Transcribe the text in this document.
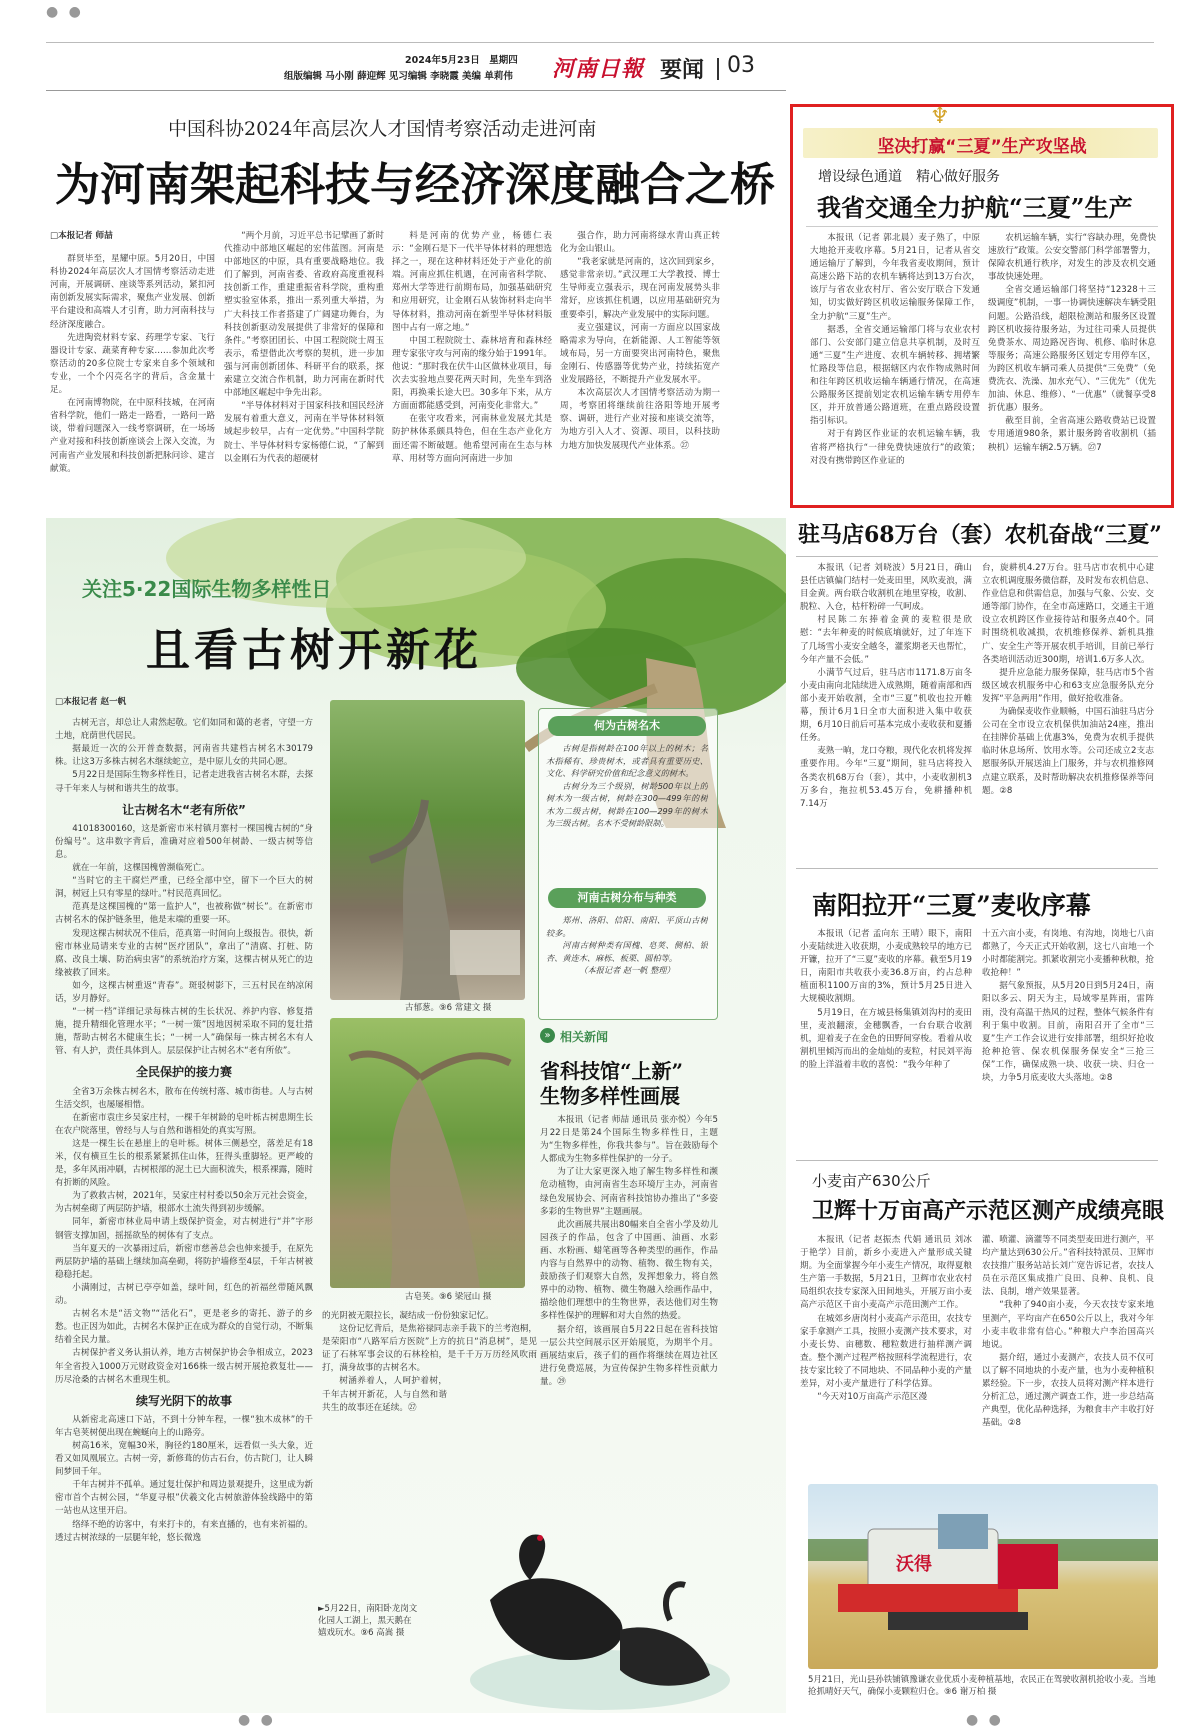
● ●
2024年5月23日　星期四
组版编辑 马小刚 薛迎辉 见习编辑 李晓霞 美编 单莉伟 河南日報 要闻 03
中国科协2024年高层次人才国情考察活动走进河南
为河南架起科技与经济深度融合之桥

□本报记者 师喆

群贤毕至，星耀中原。5月20日，中国科协2024年高层次人才国情考察活动走进河南，开展调研、座谈等系列活动，紧扣河南创新发展实际需求，聚焦产业发展、创新平台建设和高端人才引育，助力河南科技与经济深度融合。

先进陶瓷材料专家、药理学专家、飞行器设计专家、蔬菜育种专家……参加此次考察活动的20多位院士专家来自多个领域和专业，一个个闪亮名字的背后，含金量十足。

在河南博物院，在中原科技城，在河南省科学院，他们一路走一路看，一路问一路谈，带着问题深入一线考察调研，在一场场产业对接和科技创新座谈会上深入交流，为河南省产业发展和科技创新把脉问诊、建言献策。

“两个月前，习近平总书记擘画了新时代推动中部地区崛起的宏伟蓝图。河南是中部地区的中原，具有重要战略地位。我们了解到，河南省委、省政府高度重视科技创新工作，重建重振省科学院，重构重塑实验室体系，推出一系列重大举措，为广大科技工作者搭建了广阔建功舞台，为科技创新驱动发展提供了非常好的保障和条件。”考察团团长、中国工程院院士周玉表示，希望借此次考察的契机，进一步加强与河南创新团体、科研平台的联系，探索建立交流合作机制，助力河南在新时代中部地区崛起中争先出彩。

“半导体材料对于国家科技和国民经济发展有着重大意义，河南在半导体材料领域起步较早，占有一定优势。”中国科学院院士、半导体材料专家杨德仁说，“了解到以金刚石为代表的超硬材

料是河南的优势产业，杨德仁表示：“金刚石是下一代半导体材料的理想选择之一，现在这种材料还处于产业化的前端。河南应抓住机遇，在河南省科学院、郑州大学等进行前期布局，加强基础研究和应用研究，让金刚石从装饰材料走向半导体材料，推动河南在新型半导体材料版图中占有一席之地。”

中国工程院院士、森林培育和森林经理专家张守攻与河南的缘分始于1991年。他说：“那时我在伏牛山区做林业项目，每次去实验地点要花两天时间，先坐车到洛阳，再换乘长途大巴。30多年下来，从方方面面都能感受到，河南变化非常大。”

在张守攻看来，河南林业发展尤其是防护林体系颇具特色，但在生态产业化方面还需不断破题。他希望河南在生态与林草、用材等方面向河南进一步加

强合作，助力河南将绿水青山真正转化为金山银山。

“我老家就是河南的，这次回到家乡，感觉非常亲切。”武汉理工大学教授、博士生导师麦立强表示，现在河南发展势头非常好，应该抓住机遇，以应用基础研究为重要牵引，解决产业发展中的实际问题。

麦立强建议，河南一方面应以国家战略需求为导向，在新能源、人工智能等领域布局，另一方面要突出河南特色，聚焦金刚石、传感器等优势产业，持续拓宽产业发展路径，不断提升产业发展水平。

本次高层次人才国情考察活动为期一周，考察团将继续前往洛阳等地开展考察、调研，进行产业对接和座谈交流等，为地方引入人才、资源、项目，以科技助力地方加快发展现代产业体系。㉗

♆
坚决打赢“三夏”生产攻坚战
增设绿色通道　精心做好服务
我省交通全力护航“三夏”生产

本报讯（记者 郭北晨）麦子熟了，中原大地抢开麦收序幕。5月21日，记者从省交通运输厅了解到，今年我省麦收期间，预计高速公路下站的农机车辆将达到13万台次，该厅与省农业农村厅、省公安厅联合下发通知，切实做好跨区机收运输服务保障工作，全力护航“三夏”生产。

据悉，全省交通运输部门将与农业农村部门、公安部门建立信息共享机制，及时互通“三夏”生产进度、农机车辆转移、拥堵繁忙路段等信息，根据辖区内农作物成熟时间和往年跨区机收运输车辆通行情况，在高速公路服务区提前划定农机运输车辆专用停车区，并开放普通公路道班，在重点路段设置指引标识。

对于有跨区作业证的农机运输车辆，我省将严格执行“一律免费快速放行”的政策；对没有携带跨区作业证的

农机运输车辆，实行“容缺办理，免费快速放行”政策。公安交警部门科学部署警力，保障农机通行秩序，对发生的涉及农机交通事故快速处理。

全省交通运输部门将坚持“12328＋三级调度”机制，一事一协调快速解决车辆受阻问题。公路沿线，超限检测站和服务区设置跨区机收接待服务站，为过往司乘人员提供免费茶水、周边路况咨询、机修、临时休息等服务；高速公路服务区划定专用停车区，为跨区机收车辆司乘人员提供“三免费”（免费洗衣、洗澡、加水充气）、“三优先”（优先加油、休息、维修）、“一优惠”（就餐享受8折优惠）服务。

截至目前，全省高速公路收费站已设置专用通道980条，累计服务跨省收割机（插秧机）运输车辆2.5万辆。㉗7

关注5·22国际生物多样性日
且看古树开新花

□本报记者 赵一帆

古树无言，却总让人肃然起敬。它们如同和蔼的老者，守望一方土地，庇荫世代居民。

据最近一次的公开普查数据，河南省共建档古树名木30179株。让这3万多株古树名木继续蛇立，是中原儿女的共同心愿。

5月22日是国际生物多样性日，记者走进我省古树名木群，去探寻千年来人与树和谐共生的故事。

让古树名木“老有所依”

41018300160，这是新密市米村镇月寨村一棵国槐古树的“身份编号”。这串数字背后，准确对应着500年树龄、一级古树等信息。

就在一年前，这棵国槐曾濒临死亡。

“当时它的主干腐烂严重，已经全部中空，留下一个巨大的树洞，树冠上只有零星的绿叶。”村民范真回忆。

范真是这棵国槐的“第一监护人”，也被称做“树长”。在新密市古树名木的保护链条里，他是末端的重要一环。

发现这棵古树状况不佳后，范真第一时间向上级报告。很快，新密市林业局请来专业的古树“医疗团队”，拿出了“清腐、打桩、防腐、改良土壤、防治病虫害”的系统治疗方案，这棵古树从死亡的边缘被救了回来。

如今，这棵古树重返“青春”。斑驳树影下，三五村民在纳凉闲话，岁月静好。

“一树一档”详细记录每株古树的生长状况、养护内容、修复措施，提升精细化管理水平；“一树一策”因地因树采取不同的复壮措施，帮助古树名木健康生长；“一树一人”确保每一株古树名木有人管、有人护，责任具体到人。层层保护让古树名木“老有所依”。

全民保护的接力赛

全省3万余株古树名木，散布在传统村落、城市街巷。人与古树生活交织，也屡屡相惜。

在新密市袁庄乡吴家庄村，一棵千年树龄的皂叶栎古树患期生长在农户院落里，曾经与人与自然和谐相处的真实写照。

这是一棵生长在悬崖上的皂叶栎。树体三侧悬空，落差足有18米，仅有横亘生长的根系紧紧抓住山体，狂得头重脚轻。更严峻的是，多年风雨冲刷，古树根部的泥土已大面积流失，根系裸露，随时有折断的风险。

为了救救古树，2021年，吴家庄村村委以50余万元社会资金，为古树垒砌了两层防护墙，根部水土流失得到初步缓解。

同年，新密市林业局申请上级保护资金，对古树进行“并”字形钢管支撑加固，摇摇欲坠的树体有了支点。

当年夏天的一次暴雨过后，新密市慈善总会也伸来援手，在原先两层防护墙的基础上继续加高垒砌，将防护墙修至4层，千年古树被稳稳托起。

小满刚过，古树已亭亭如盖，绿叶间，红色的祈福丝带随风飘动。

古树名木是“活文物”“活化石”，更是老乡的寄托、游子的乡愁。也正因为如此，古树名木保护正在成为群众的自觉行动，不断集结着全民力量。

古树保护者义务认捐认养，地方古树保护协会争相成立，2023年全省投入1000万元财政资金对166株一级古树开展抢救复壮——历尽沧桑的古树名木重现生机。

续写光阴下的故事

从新密北高速口下站，不到十分钟车程，一棵“独木成林”的千年古皂荚树便出现在蜿蜒向上的山路旁。

树高16米，宽幅30米，胸径约180厘米，远看似一头大象，近看又如凤凰展立。古树一旁，新修葺的仿古石台，仿古院门，让人瞬间梦回千年。

千年古树并不孤单。通过复壮保护和周边景观提升，这里成为新密市首个古树公园，“华夏寻根”伏羲文化古树旅游体验线路中的第一站也从这里开启。

络绎不绝的访客中，有来打卡的，有来直播的，也有来祈福的。透过古树浓绿的一层腿年轮，悠长微逸

古郁葱。⑨6 常建文 摄
古皂荚。⑨6 梁冠山 摄

的光阴被无限拉长，凝结成一份份独家记忆。

这份记忆背后，是焦裕禄同志亲手栽下的兰考泡桐，是荣阳市“八路军后方医院”上方的抗日“消息树”，是见证了石林军事会议的石林栓柏，是千千万万历经风吹雨打，满身故事的古树名木。

树涵养着人，人呵护着树，千年古树开新花，人与自然和谐共生的故事还在延续。㉗

►5月22日，南阳卧龙岗文化园人工湖上，黑天鹅在嬉戏玩水。⑨6 高嵩 摄
何为古树名木

古树是指树龄在100年以上的树木；名木指稀有、珍贵树木，或者具有重要历史、文化、科学研究价值和纪念意义的树木。

古树分为三个级别，树龄500年以上的树木为一级古树，树龄在300—499年的树木为二级古树，树龄在100—299年的树木为三级古树。名木不受树龄限制。

河南古树分布与种类

郑州、洛阳、信阳、南阳、平顶山古树较多。

河南古树种类有国槐、皂荚、侧柏、银杏、黄连木、麻栎、板栗、圆柏等。

（本报记者 赵一帆 整理）

» 相关新闻
省科技馆“上新”
生物多样性画展

本报讯（记者 师喆 通讯员 张亦悦）今年5月22日是第24个国际生物多样性日，主题为“生物多样性，你我共参与”。旨在鼓励每个人都成为生物多样性保护的一分子。

为了让大家更深入地了解生物多样性和濒危动植物，由河南省生态环境厅主办，河南省绿色发展协会、河南省科技馆协办推出了“多姿多彩的生物世界”主题画展。

此次画展共展出80幅来自全省小学及幼儿园孩子的作品，包含了中国画、油画、水彩画、水粉画、蜡笔画等各种类型的画作，作品内容与自然界中的动物、植物、微生物有关，鼓励孩子们观察大自然，发挥想象力，将自然界中的动物、植物、微生物融入绘画作品中，描绘他们理想中的生物世界，表达他们对生物多样性保护的理解和对大自然的热爱。

据介绍，该画展自5月22日起在省科技馆一层公共空间展示区开始展览，为期半个月。画展结束后，孩子们的画作将继续在周边社区进行免费巡展，为宣传保护生物多样性贡献力量。㉙

驻马店68万台（套）农机奋战“三夏”

本报讯（记者 刘晓波）5月21日，确山县任店镇偏门结村一处麦田里，风吹麦浪，满目金黄。两台联合收割机在地里穿梭，收割、脱粒、入仓，枯杆粉碎一气呵成。

村民陈二东捧着金黄的麦粒很是欣慰：“去年种麦的时候底墒就好，过了年连下了几场雪小麦安全越冬，灌浆期老天也帮忙，今年产量不会低。”

小满节气过后，驻马店市1171.8万亩冬小麦由南向北陆续进入成熟期，随着南部和西部小麦开始收割，全市“三夏”机收也拉开帷幕，预计6月1日全市大面积进入集中收获期，6月10日前后可基本完成小麦收获和夏播任务。

麦熟一晌，龙口夺粮，现代化农机将发挥重要作用。今年“三夏”期间，驻马店将投入各类农机68万台（套），其中，小麦收割机3万多台，拖拉机53.45万台，免耕播种机7.14万

台，旋耕机4.27万台。驻马店市农机中心建立农机调度服务微信群，及时发布农机信息、作业信息和供需信息，加强与气象、公安、交通等部门协作，在全市高速路口，交通主干道设立农机跨区作业接待站和服务点40个。同时围绕机收减损，农机维修保养、新机具推广、安全生产等开展农机手培训，目前已举行各类培训活动近300期，培训1.6万多人次。

提升应急能力服务保障，驻马店市5个省级区域农机服务中心和63支应急服务队充分发挥“平急两用”作用，做好抢收准备。

为确保麦收作业顺畅，中国石油驻马店分公司在全市设立农机保供加油站24座，推出在挂牌价基础上优惠3%，免费为农机手提供临时休息场所、饮用水等。公司还成立2支志愿服务队开展送油上门服务，并与农机推修网点建立联系，及时帮助解决农机推修保养等问题。②8

南阳拉开“三夏”麦收序幕

本报讯（记者 孟向东 王晴）眼下，南阳小麦陆续进入收获期，小麦成熟较早的地方已开镰，拉开了“三夏”麦收的序幕。截至5月19日，南阳市共收获小麦36.8万亩，约占总种植面积1100万亩的3%，预计5月25日进入大规模收割期。

5月19日，在方城县杨集镇刘沟村的麦田里，麦浪翻滚，金穗飘香，一台台联合收割机，迎着麦子在金色的田野间穿梭。看着从收割机里倾泻而出的金灿灿的麦粒，村民刘平海的脸上洋溢着丰收的喜悦：“我今年种了

十五六亩小麦，有岗地、有沟地，岗地七八亩都熟了，今天正式开始收割，这七八亩地一个小时都能割完。抓紧收割完小麦播种秋粮，抢收抢种！”

据气象预报，从5月20日到5月24日，南阳以多云、阴天为主，局域零星阵雨，雷阵雨，没有高温干热风的过程，整体气候条件有利于集中收割。目前，南阳召开了全市“三夏”生产工作会议进行安排部署，组织好抢收抢种抢管、保农机保服务保安全“三抢三保”工作，确保成熟一块、收获一块、归仓一块，力争5月底麦收大头落地。②8

小麦亩产630公斤
卫辉十万亩高产示范区测产成绩亮眼

本报讯（记者 赵振杰 代娟 通讯员 刘冰 于艳学）目前，新乡小麦进入产量形成关键期。为全面掌握今年小麦生产情况，取得夏粮生产第一手数据，5月21日，卫辉市农业农村局组织农技专家深入田间地头，开展万亩小麦高产示范区千亩小麦高产示范田测产工作。

在城郊乡唐岗村小麦高产示范田，农技专家手拿测产工具，按照小麦测产技术要求，对小麦长势、亩穗数、穗粒数进行抽样测产调查。整个测产过程严格按照科学流程进行，农技专家比较了不同地块、不同品种小麦的产量差异，对小麦产量进行了科学估算。

“今天对10万亩高产示范区漫

灌、喷灌、滴灌等不同类型麦田进行测产，平均产量达到630公斤。”省科技特派员、卫辉市农技推广服务站站长刘广宽告诉记者，农技人员在示范区集成推广良田、良种、良机、良法、良制，增产效果显著。

“我种了940亩小麦，今天农技专家来地里测产，平均亩产在650公斤以上，我对今年小麦丰收非常有信心。”种粮大户李治国高兴地说。

据介绍，通过小麦测产，农技人员不仅可以了解不同地块的小麦产量，也为小麦种植积累经验。下一步，农技人员将对测产样本进行分析汇总，通过测产调查工作，进一步总结高产典型，优化品种选择，为粮食丰产丰收打好基础。②8

沃得
5月21日，光山县孙铁铺镇豫谦农业优质小麦种植基地，农民正在驾驶收割机抢收小麦。当地抢抓晴好天气，确保小麦颗粒归仓。⑨6 谢万柏 摄
● ●	● ●
